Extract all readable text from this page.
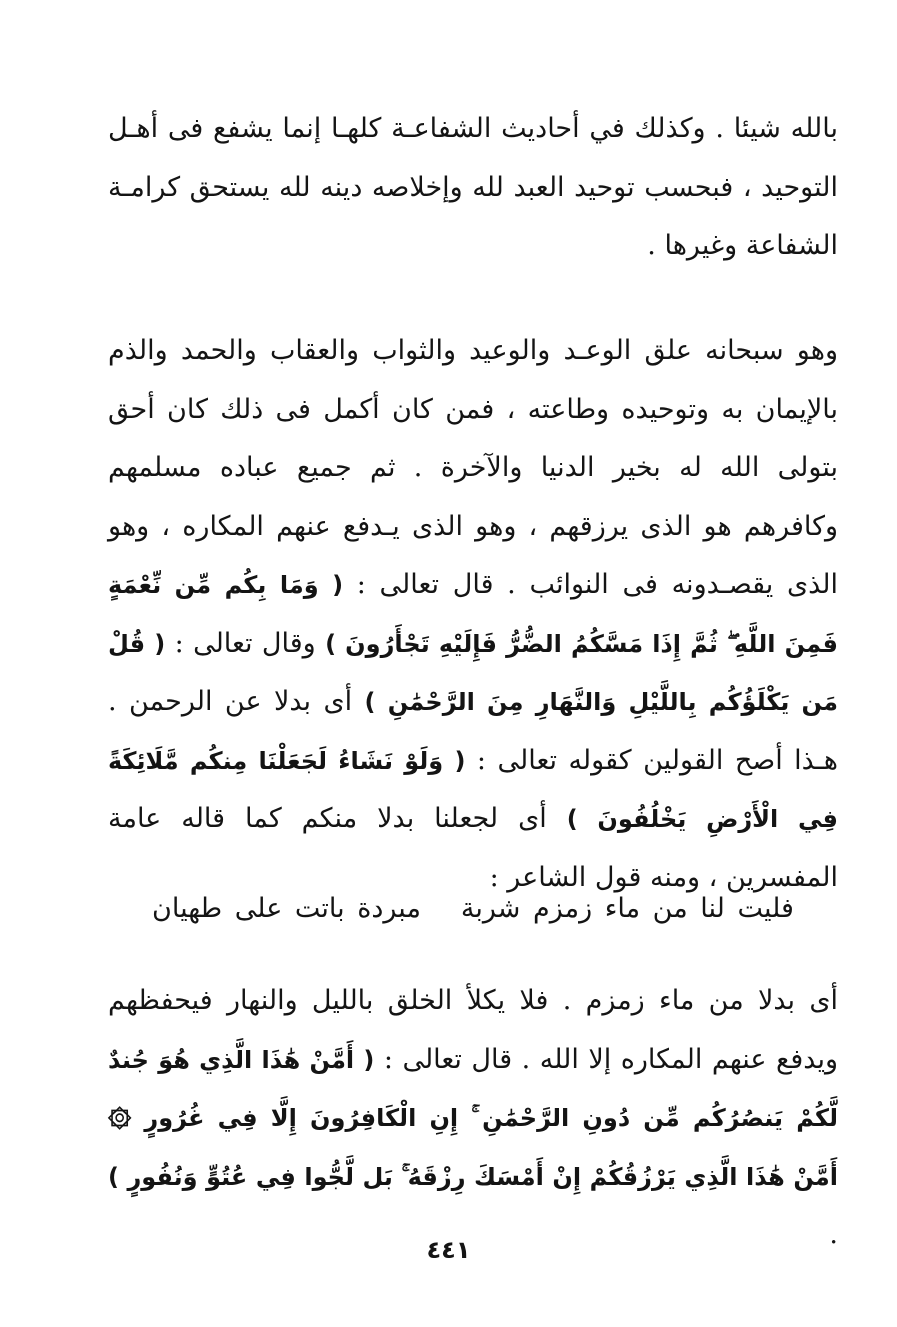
بالله شيئا . وكذلك في أحاديث الشفاعـة كلهـا إنما يشفع فى أهـل التوحيد ، فبحسب توحيد العبد لله وإخلاصه دينه لله يستحق كرامـة الشفاعة وغيرها .
وهو سبحانه علق الوعـد والوعيد والثواب والعقاب والحمد والذم بالإيمان به وتوحيده وطاعته ، فمن كان أكمل فى ذلك كان أحق بتولى الله له بخير الدنيا والآخرة . ثم جميع عباده مسلمهم وكافرهم هو الذى يرزقهم ، وهو الذى يـدفع عنهم المكاره ، وهو الذى يقصـدونه فى النوائب . قال تعالى : ( وَمَا بِكُم مِّن نِّعْمَةٍ فَمِنَ اللَّهِ ۖ ثُمَّ إِذَا مَسَّكُمُ الضُّرُّ فَإِلَيْهِ تَجْأَرُونَ ) وقال تعالى : ( قُلْ مَن يَكْلَؤُكُم بِاللَّيْلِ وَالنَّهَارِ مِنَ الرَّحْمَٰنِ ) أى بدلا عن الرحمن . هـذا أصح القولين كقوله تعالى : ( وَلَوْ نَشَاءُ لَجَعَلْنَا مِنكُم مَّلَائِكَةً فِي الْأَرْضِ يَخْلُفُونَ ) أى لجعلنا بدلا منكم كما قاله عامة المفسرين ، ومنه قول الشاعر :
فليت لنا من ماء زمزم شربةمبردة باتت على طهيان
أى بدلا من ماء زمزم . فلا يكلأ الخلق بالليل والنهار فيحفظهم ويدفع عنهم المكاره إلا الله . قال تعالى : ( أَمَّنْ هَٰذَا الَّذِي هُوَ جُندٌ لَّكُمْ يَنصُرُكُم مِّن دُونِ الرَّحْمَٰنِ ۚ إِنِ الْكَافِرُونَ إِلَّا فِي غُرُورٍ ۞ أَمَّنْ هَٰذَا الَّذِي يَرْزُقُكُمْ إِنْ أَمْسَكَ رِزْقَهُ ۚ بَل لَّجُّوا فِي عُتُوٍّ وَنُفُورٍ ) .
٤٤١
